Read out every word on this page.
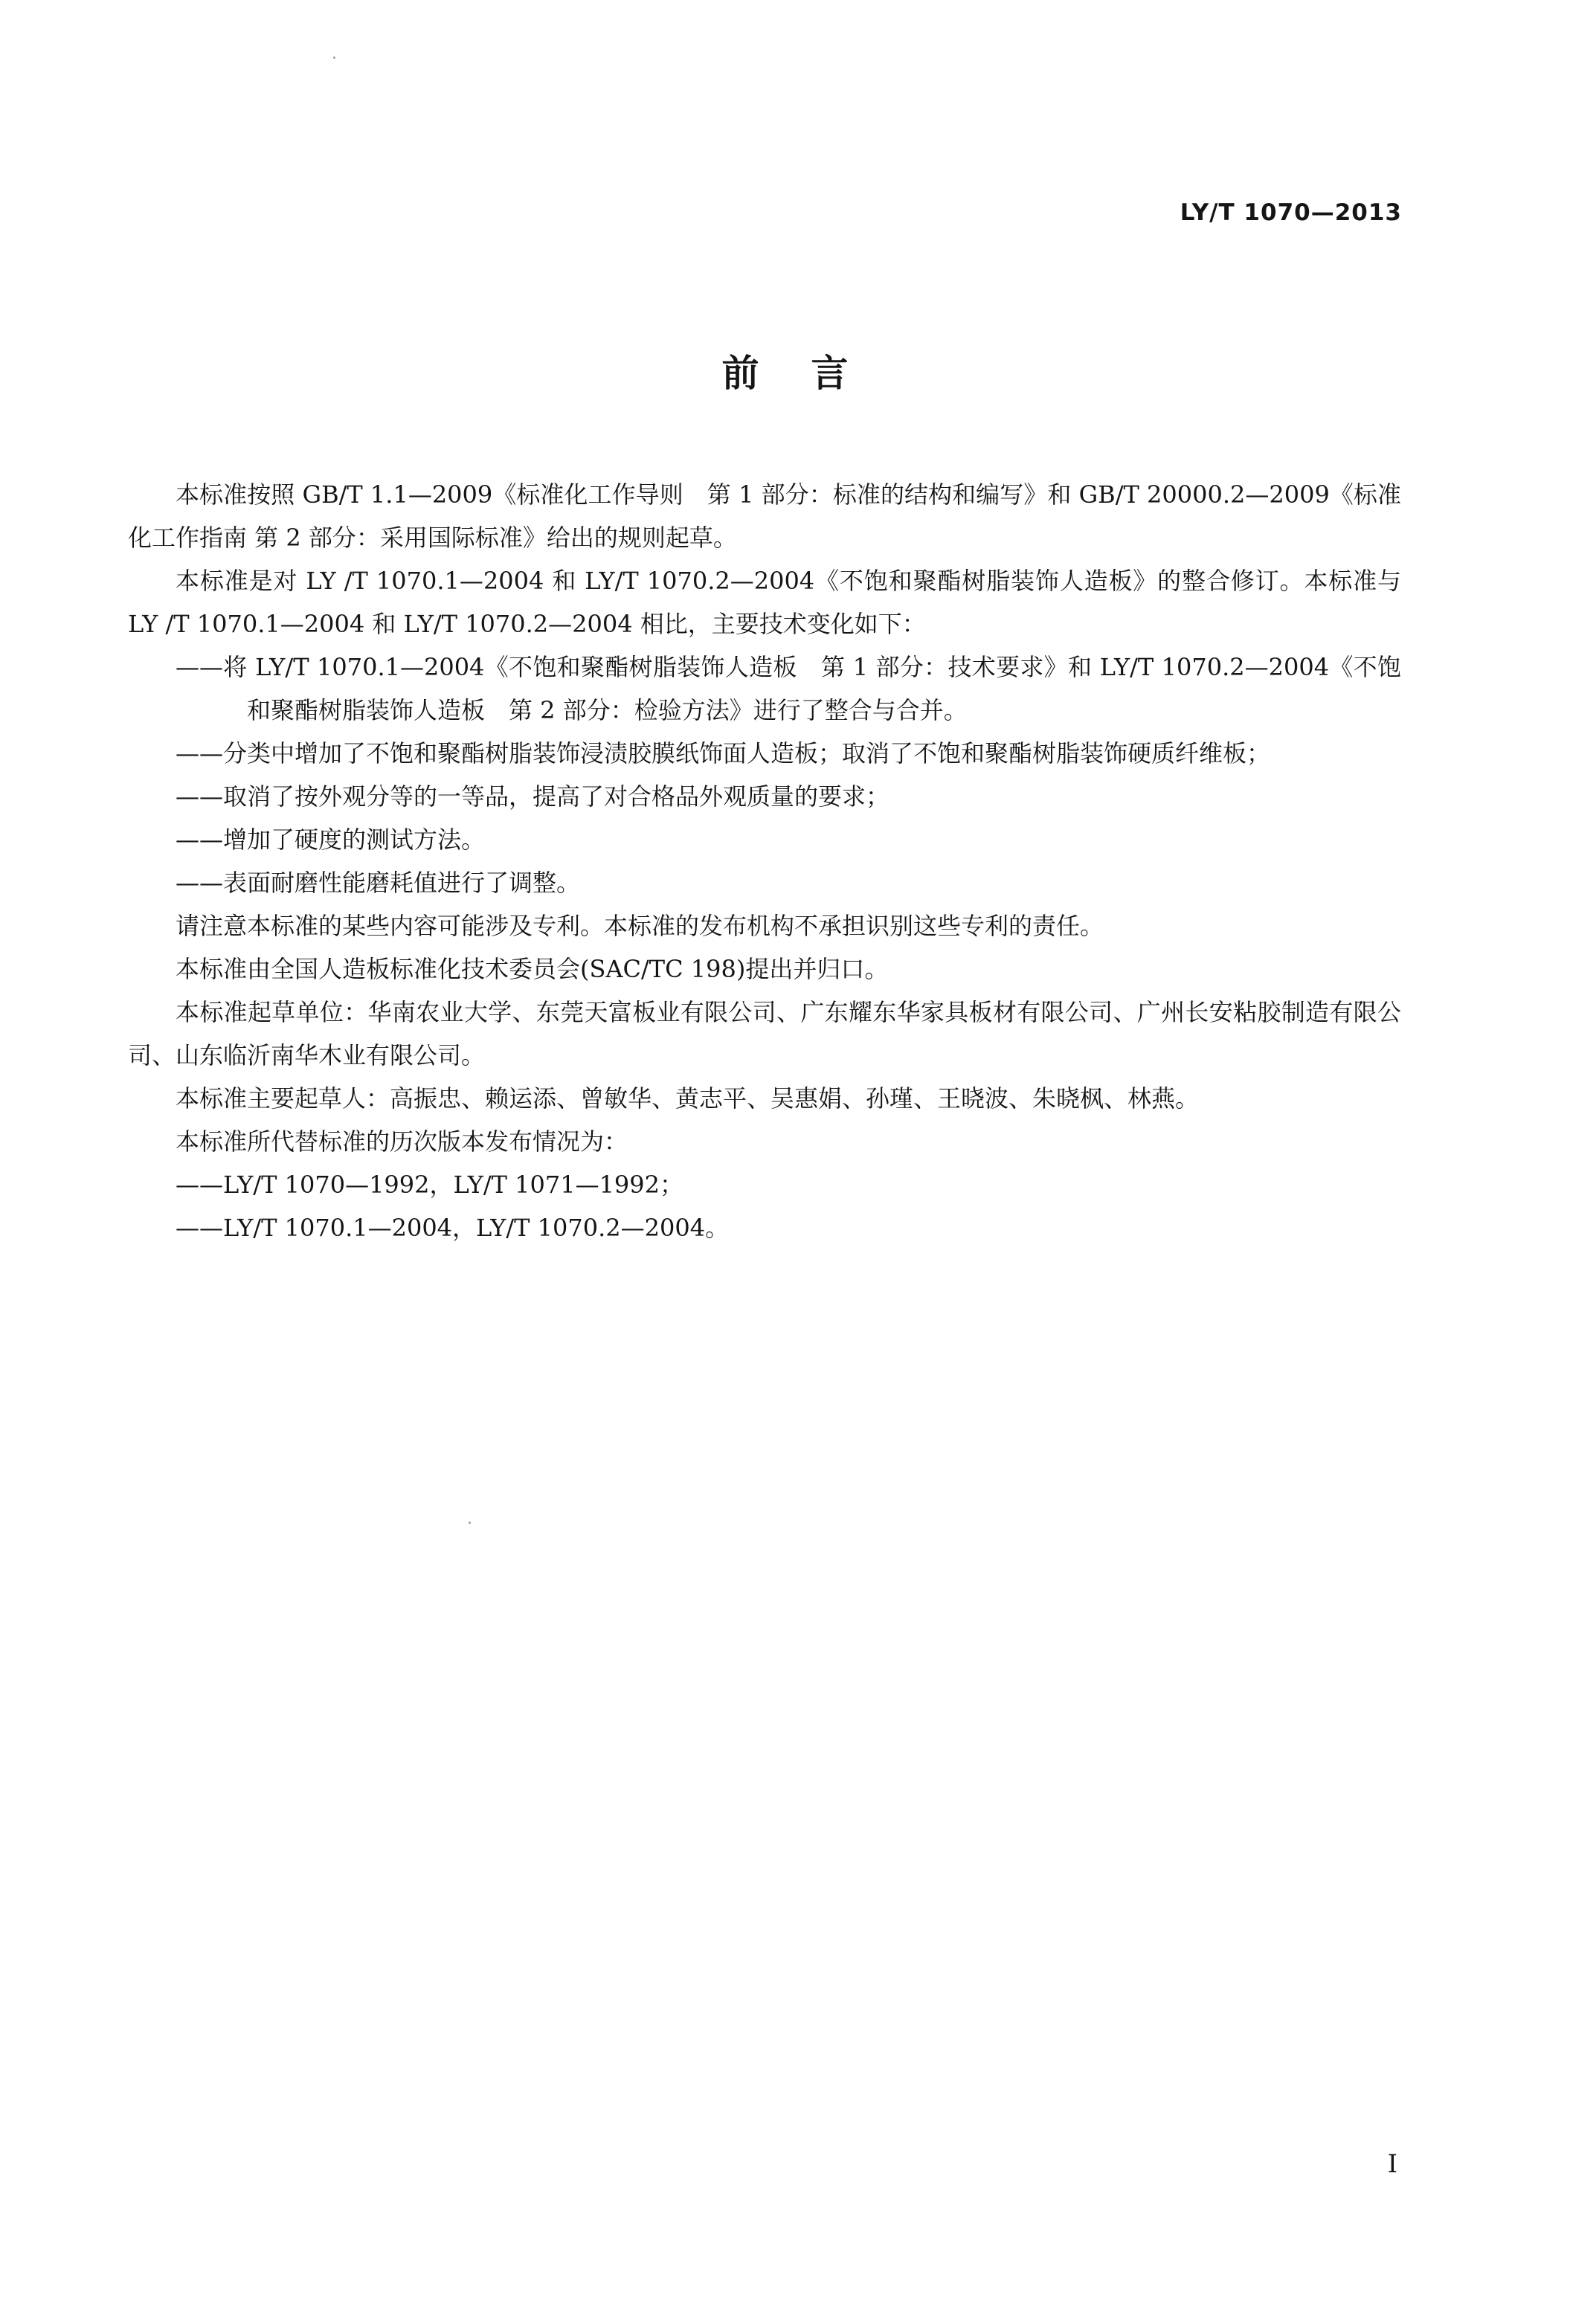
LY/T 1070—2013
前言

本标准按照 GB/T 1.1—2009《标准化工作导则　第 1 部分：标准的结构和编写》和 GB/T 20000.2—2009《标准化工作指南 第 2 部分：采用国际标准》给出的规则起草。

本标准是对 LY /T 1070.1—2004 和 LY/T 1070.2—2004《不饱和聚酯树脂装饰人造板》的整合修订。本标准与 LY /T 1070.1—2004 和 LY/T 1070.2—2004 相比，主要技术变化如下：

——将 LY/T 1070.1—2004《不饱和聚酯树脂装饰人造板　第 1 部分：技术要求》和 LY/T 1070.2—2004《不饱和聚酯树脂装饰人造板　第 2 部分：检验方法》进行了整合与合并。

——分类中增加了不饱和聚酯树脂装饰浸渍胶膜纸饰面人造板；取消了不饱和聚酯树脂装饰硬质纤维板；

——取消了按外观分等的一等品，提高了对合格品外观质量的要求；

——增加了硬度的测试方法。

——表面耐磨性能磨耗值进行了调整。

请注意本标准的某些内容可能涉及专利。本标准的发布机构不承担识别这些专利的责任。

本标准由全国人造板标准化技术委员会(SAC/TC 198)提出并归口。

本标准起草单位：华南农业大学、东莞天富板业有限公司、广东耀东华家具板材有限公司、广州长安粘胶制造有限公司、山东临沂南华木业有限公司。

本标准主要起草人：高振忠、赖运添、曾敏华、黄志平、吴惠娟、孙瑾、王晓波、朱晓枫、林燕。

本标准所代替标准的历次版本发布情况为：

——LY/T 1070—1992，LY/T 1071—1992；

——LY/T 1070.1—2004，LY/T 1070.2—2004。

I
